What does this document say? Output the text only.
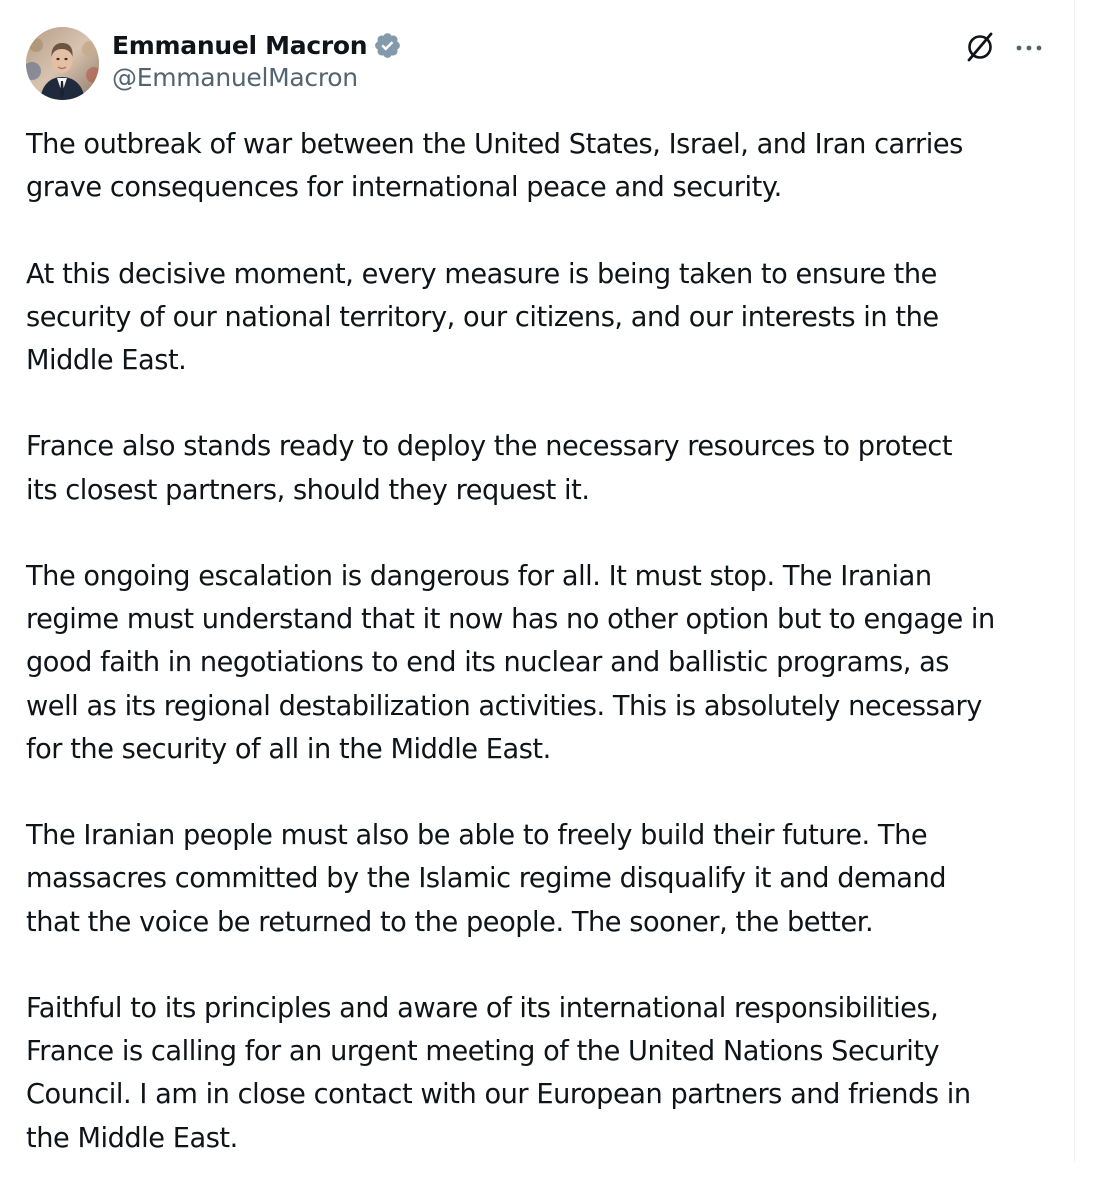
Emmanuel Macron
@EmmanuelMacron

The outbreak of war between the United States, Israel, and Iran carries
grave consequences for international peace and security.

At this decisive moment, every measure is being taken to ensure the
security of our national territory, our citizens, and our interests in the
Middle East.

France also stands ready to deploy the necessary resources to protect
its closest partners, should they request it.

The ongoing escalation is dangerous for all. It must stop. The Iranian
regime must understand that it now has no other option but to engage in
good faith in negotiations to end its nuclear and ballistic programs, as
well as its regional destabilization activities. This is absolutely necessary
for the security of all in the Middle East.

The Iranian people must also be able to freely build their future. The
massacres committed by the Islamic regime disqualify it and demand
that the voice be returned to the people. The sooner, the better.

Faithful to its principles and aware of its international responsibilities,
France is calling for an urgent meeting of the United Nations Security
Council. I am in close contact with our European partners and friends in
the Middle East.
